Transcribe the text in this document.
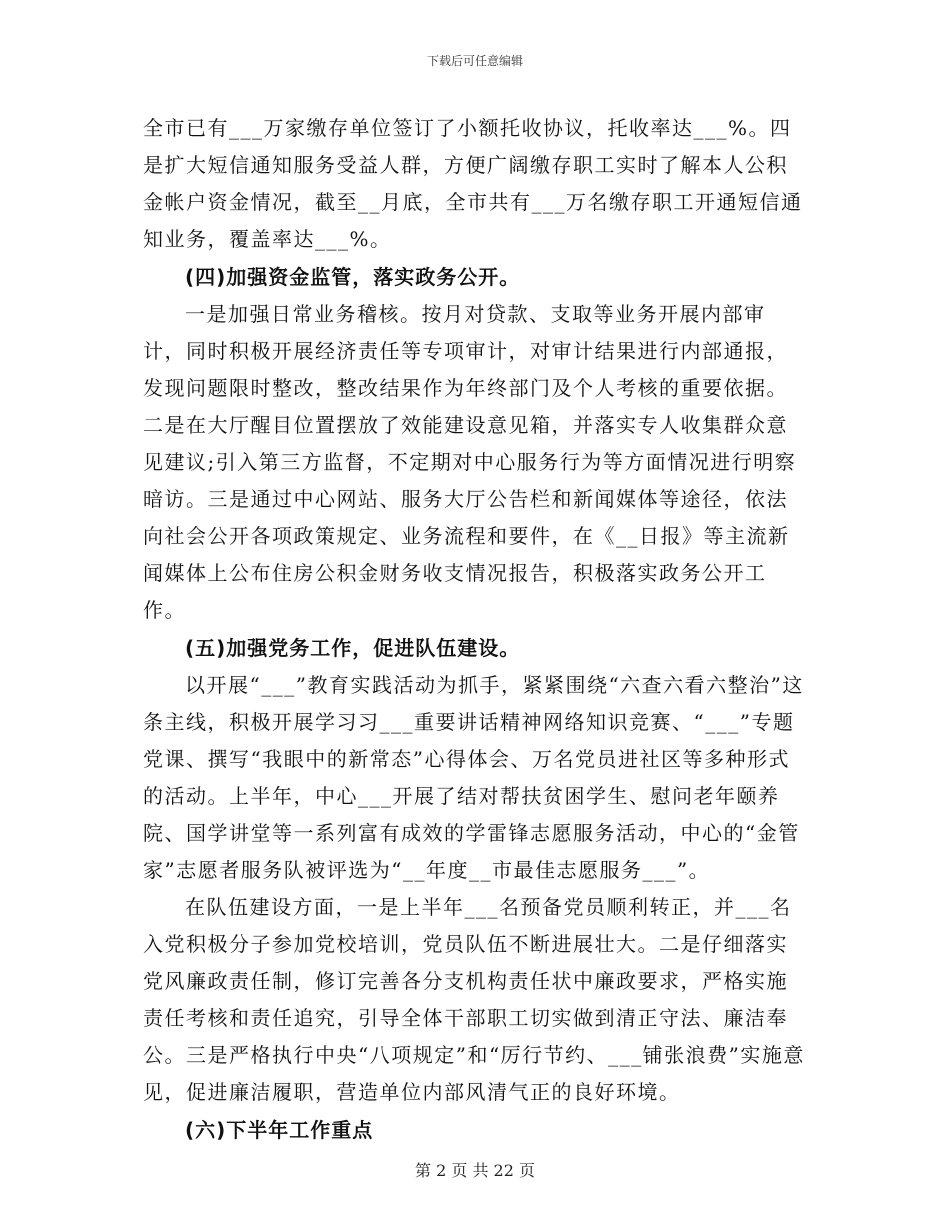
下载后可任意编辑

全市已有___万家缴存单位签订了小额托收协议，托收率达___%。四是扩大短信通知服务受益人群，方便广阔缴存职工实时了解本人公积金帐户资金情况，截至__月底，全市共有___万名缴存职工开通短信通知业务，覆盖率达___%。

(四)加强资金监管，落实政务公开。

一是加强日常业务稽核。按月对贷款、支取等业务开展内部审计，同时积极开展经济责任等专项审计，对审计结果进行内部通报，发现问题限时整改，整改结果作为年终部门及个人考核的重要依据。二是在大厅醒目位置摆放了效能建设意见箱，并落实专人收集群众意见建议;引入第三方监督，不定期对中心服务行为等方面情况进行明察暗访。三是通过中心网站、服务大厅公告栏和新闻媒体等途径，依法向社会公开各项政策规定、业务流程和要件，在《__日报》等主流新闻媒体上公布住房公积金财务收支情况报告，积极落实政务公开工作。

(五)加强党务工作，促进队伍建设。

以开展“___”教育实践活动为抓手，紧紧围绕“六查六看六整治”这条主线，积极开展学习习___重要讲话精神网络知识竞赛、“___”专题党课、撰写“我眼中的新常态”心得体会、万名党员进社区等多种形式的活动。上半年，中心___开展了结对帮扶贫困学生、慰问老年颐养院、国学讲堂等一系列富有成效的学雷锋志愿服务活动，中心的“金管家”志愿者服务队被评选为“__年度__市最佳志愿服务___”。

在队伍建设方面，一是上半年___名预备党员顺利转正，并___名入党积极分子参加党校培训，党员队伍不断进展壮大。二是仔细落实党风廉政责任制，修订完善各分支机构责任状中廉政要求，严格实施责任考核和责任追究，引导全体干部职工切实做到清正守法、廉洁奉公。三是严格执行中央“八项规定”和“厉行节约、___铺张浪费”实施意见，促进廉洁履职，营造单位内部风清气正的良好环境。

(六)下半年工作重点

第 2 页 共 22 页
